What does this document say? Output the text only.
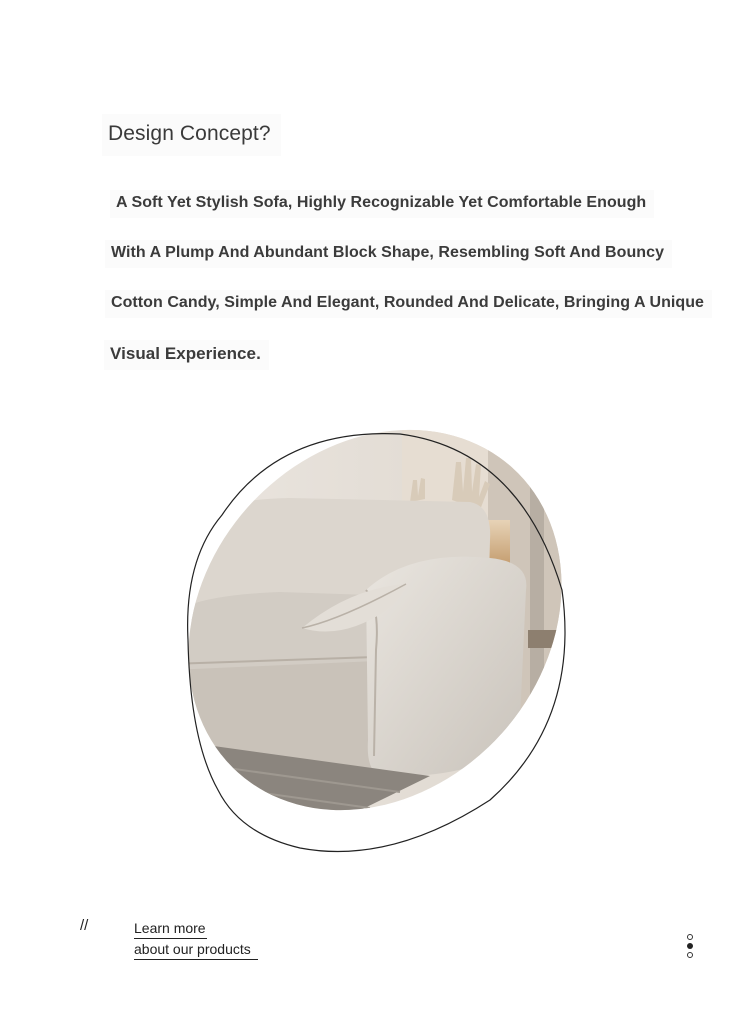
Design Concept?
A Soft Yet Stylish Sofa, Highly Recognizable Yet Comfortable Enough
With A Plump And Abundant Block Shape, Resembling Soft And Bouncy
Cotton Candy, Simple And Elegant, Rounded And Delicate, Bringing A Unique
Visual Experience.
//	Learn more
about our products
